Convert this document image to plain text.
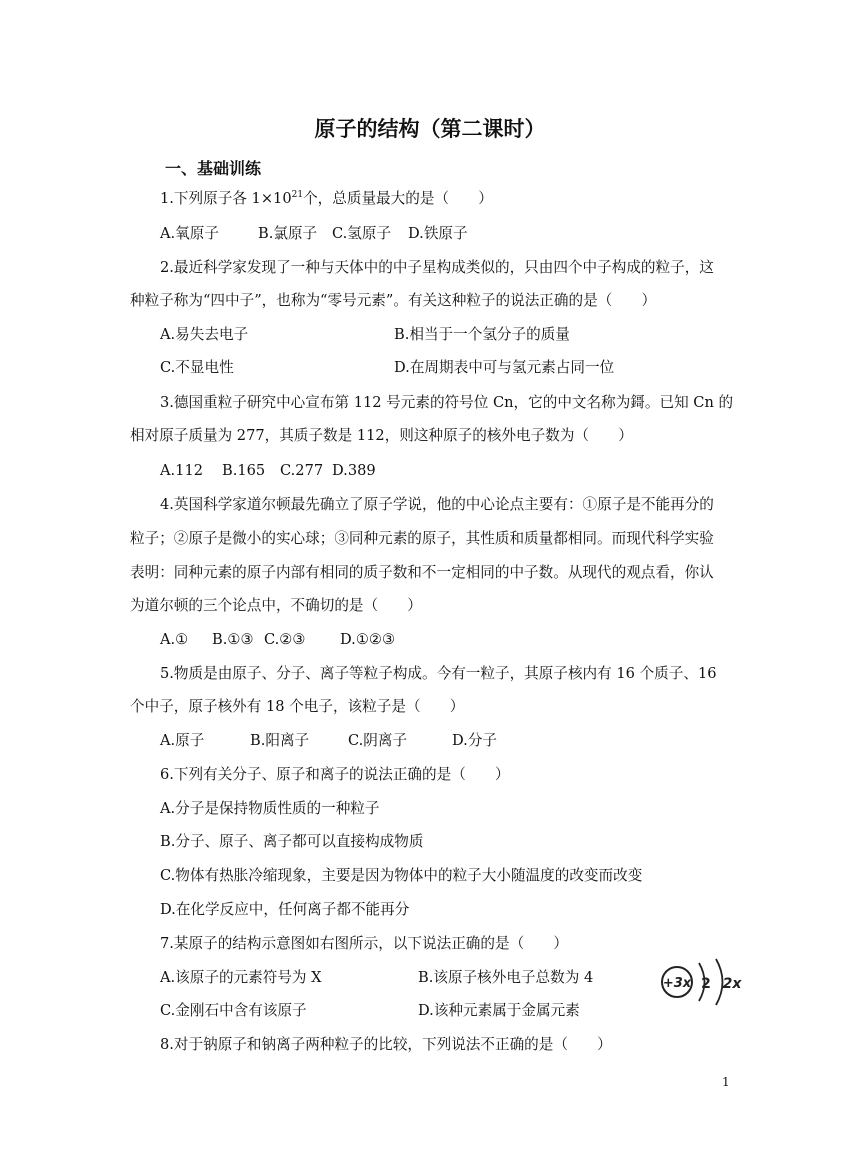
原子的结构（第二课时）
一、基础训练
1.下列原子各 $1\times 10^{21}$个，总质量最大的是（　　）
A.氧原子	B.氯原子 C.氢原子 D.铁原子
2.最近科学家发现了一种与天体中的中子星构成类似的，只由四个中子构成的粒子，这
种粒子称为“四中子”，也称为“零号元素”。有关这种粒子的说法正确的是（　　）
A.易失去电子	B.相当于一个氢分子的质量
C.不显电性	D.在周期表中可与氢元素占同一位
3.德国重粒子研究中心宣布第 112 号元素的符号位 Cn，它的中文名称为鎶。已知 Cn 的
相对原子质量为 277，其质子数是 112，则这种原子的核外电子数为（　　）
A.112 B.165 C.277 D.389
4.英国科学家道尔顿最先确立了原子学说，他的中心论点主要有：①原子是不能再分的
粒子；②原子是微小的实心球；③同种元素的原子，其性质和质量都相同。而现代科学实验
表明：同种元素的原子内部有相同的质子数和不一定相同的中子数。从现代的观点看，你认
为道尔顿的三个论点中，不确切的是（　　）
A.① B.①③ C.②③ D.①②③
5.物质是由原子、分子、离子等粒子构成。今有一粒子，其原子核内有 16 个质子、16
个中子，原子核外有 18 个电子，该粒子是（　　）
A.原子	B.阳离子	C.阴离子	D.分子
6.下列有关分子、原子和离子的说法正确的是（　　）
A.分子是保持物质性质的一种粒子
B.分子、原子、离子都可以直接构成物质
C.物体有热胀冷缩现象，主要是因为物体中的粒子大小随温度的改变而改变
D.在化学反应中，任何离子都不能再分
7.某原子的结构示意图如右图所示，以下说法正确的是（　　）
A.该原子的元素符号为 X	B.该原子核外电子总数为 4
C.金刚石中含有该原子	D.该种元素属于金属元素
+3x 2 2x
8.对于钠原子和钠离子两种粒子的比较，下列说法不正确的是（　　）
1
